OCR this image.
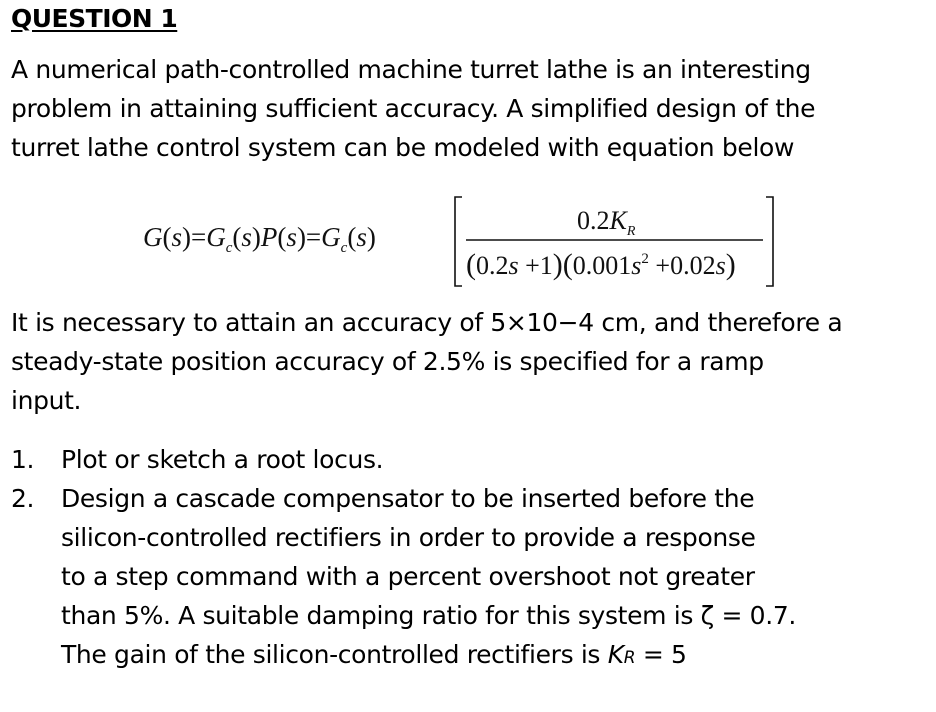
QUESTION 1
A numerical path-controlled machine turret lathe is an interesting
problem in attaining sufficient accuracy. A simplified design of the
turret lathe control system can be modeled with equation below
$G(s)=G_c(s)P(s)=G_c(s)$
$0.2K_R$
$(0.2s +1)(0.001s^2 +0.02s)$
It is necessary to attain an accuracy of 5×10−4 cm, and therefore a
steady-state position accuracy of 2.5% is specified for a ramp
input.
1. Plot or sketch a root locus.
2. Design a cascade compensator to be inserted before the
silicon-controlled rectifiers in order to provide a response
to a step command with a percent overshoot not greater
than 5%. A suitable damping ratio for this system is ζ = 0.7.
The gain of the silicon-controlled rectifiers is KR = 5
